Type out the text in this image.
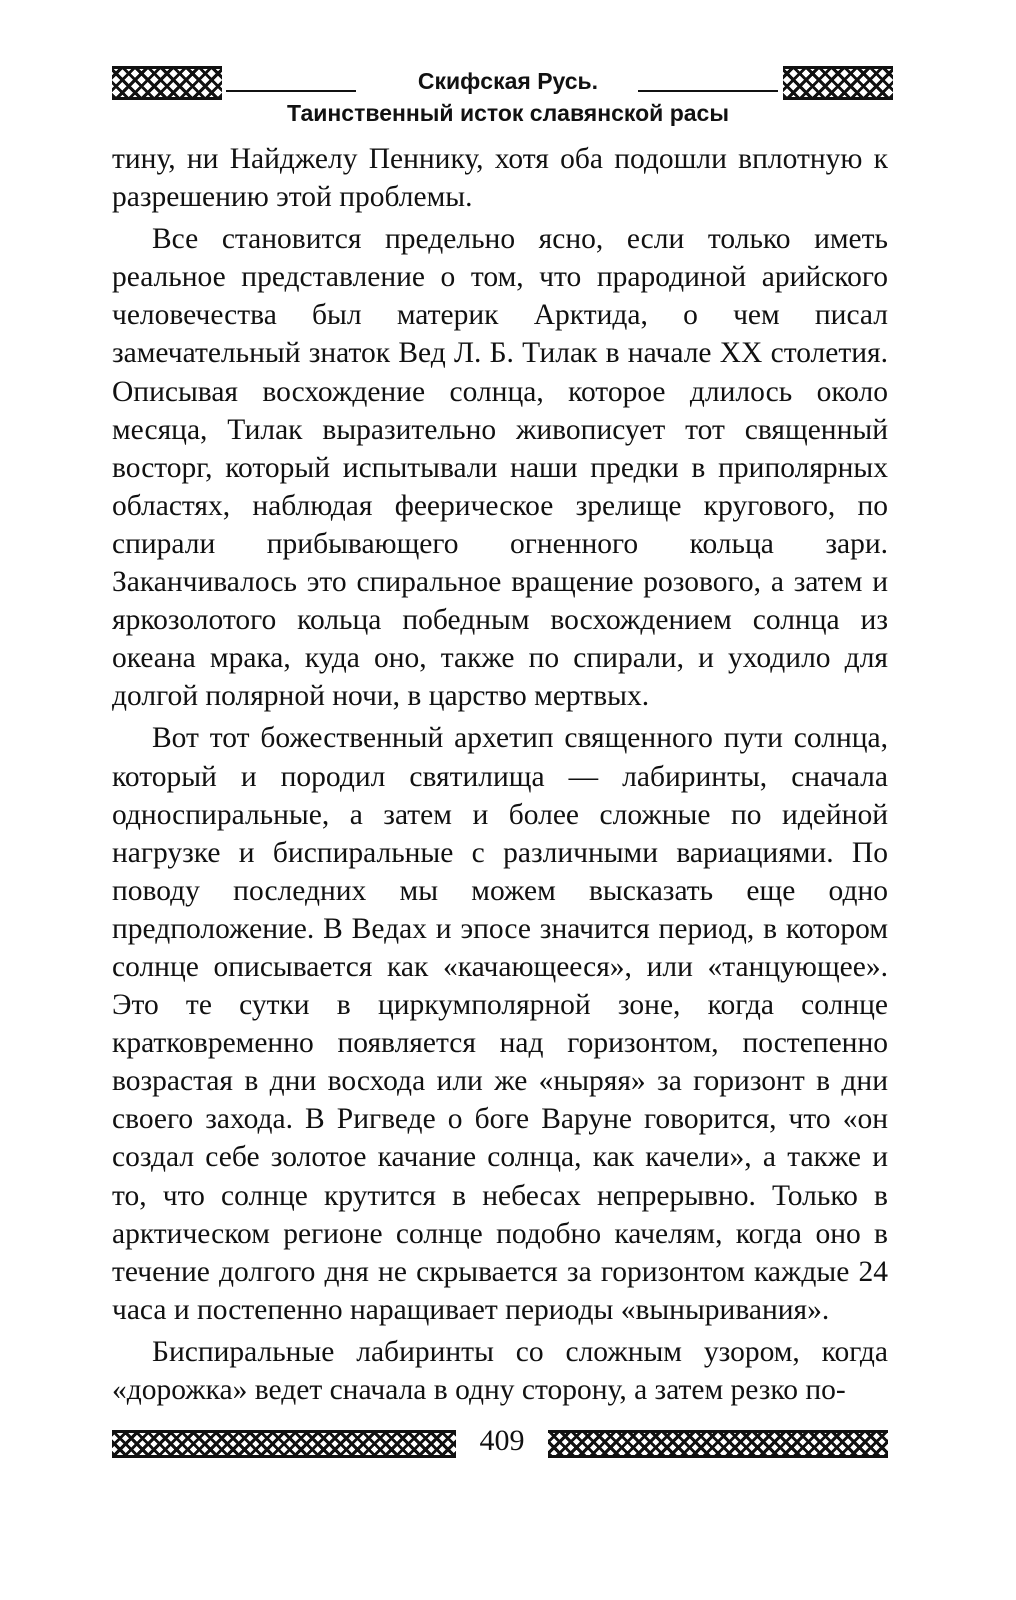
Скифская Русь.
Таинственный исток славянской расы

тину, ни Найджелу Пеннику, хотя оба подошли вплотную к разрешению этой проблемы.

Все становится предельно ясно, если только иметь реальное представление о том, что прародиной арийского человечества был материк Арктида, о чем писал замечательный знаток Вед Л. Б. Тилак в начале XX столетия. Описывая восхождение солнца, которое длилось около месяца, Тилак выразительно живописует тот священный восторг, который испытывали наши предки в приполярных областях, наблюдая феерическое зрелище кругового, по спирали прибывающего огненного кольца зари. Заканчивалось это спиральное вращение розового, а затем и яркозолотого кольца победным восхождением солнца из океана мрака, куда оно, также по спирали, и уходило для долгой полярной ночи, в царство мертвых.

Вот тот божественный архетип священного пути солнца, который и породил святилища — лабиринты, сначала односпиральные, а затем и более сложные по идейной нагрузке и биспиральные с различными вариациями. По поводу последних мы можем высказать еще одно предположение. В Ведах и эпосе значится период, в котором солнце описывается как «качающееся», или «танцующее». Это те сутки в циркумполярной зоне, когда солнце кратковременно появляется над горизонтом, постепенно возрастая в дни восхода или же «ныряя» за горизонт в дни своего захода. В Ригведе о боге Варуне говорится, что «он создал себе золотое качание солнца, как качели», а также и то, что солнце крутится в небесах непрерывно. Только в арктическом регионе солнце подобно качелям, когда оно в течение долгого дня не скрывается за горизонтом каждые 24 часа и постепенно наращивает периоды «выныривания».

Биспиральные лабиринты со сложным узором, когда «дорожка» ведет сначала в одну сторону, а затем резко по-

409
